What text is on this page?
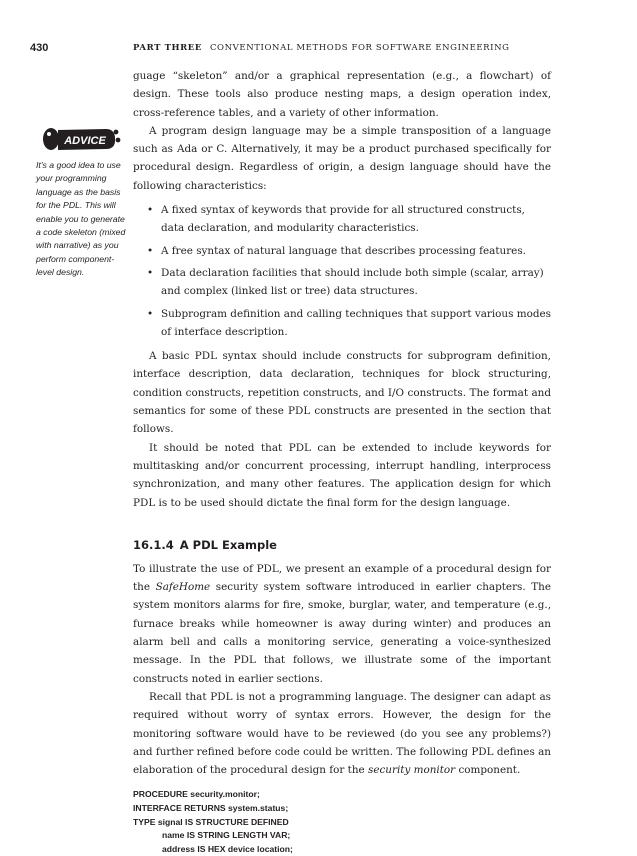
430	PART THREE CONVENTIONAL METHODS FOR SOFTWARE ENGINEERING
ADVICE
It's a good idea to use your programming language as the basis for the PDL. This will enable you to generate a code skeleton (mixed with narrative) as you perform component-level design.

guage “skeleton” and/or a graphical representation (e.g., a flowchart) of design. These tools also produce nesting maps, a design operation index, cross-reference tables, and a variety of other information.

A program design language may be a simple transposition of a language such as Ada or C. Alternatively, it may be a product purchased specifically for procedural design. Regardless of origin, a design language should have the following characteristics:

• A fixed syntax of keywords that provide for all structured constructs, data declaration, and modularity characteristics.
• A free syntax of natural language that describes processing features.
• Data declaration facilities that should include both simple (scalar, array) and complex (linked list or tree) data structures.
• Subprogram definition and calling techniques that support various modes of interface description.

A basic PDL syntax should include constructs for subprogram definition, interface description, data declaration, techniques for block structuring, condition constructs, repetition constructs, and I/O constructs. The format and semantics for some of these PDL constructs are presented in the section that follows.

It should be noted that PDL can be extended to include keywords for multitasking and/or concurrent processing, interrupt handling, interprocess synchronization, and many other features. The application design for which PDL is to be used should dictate the final form for the design language.

16.1.4 A PDL Example

To illustrate the use of PDL, we present an example of a procedural design for the SafeHome security system software introduced in earlier chapters. The system monitors alarms for fire, smoke, burglar, water, and temperature (e.g., furnace breaks while homeowner is away during winter) and produces an alarm bell and calls a monitoring service, generating a voice-synthesized message. In the PDL that follows, we illustrate some of the important constructs noted in earlier sections.

Recall that PDL is not a programming language. The designer can adapt as required without worry of syntax errors. However, the design for the monitoring software would have to be reviewed (do you see any problems?) and further refined before code could be written. The following PDL defines an elaboration of the procedural design for the security monitor component.

PROCEDURE security.monitor;
INTERFACE RETURNS system.status;
TYPE signal IS STRUCTURE DEFINED
name IS STRING LENGTH VAR;
address IS HEX device location;
